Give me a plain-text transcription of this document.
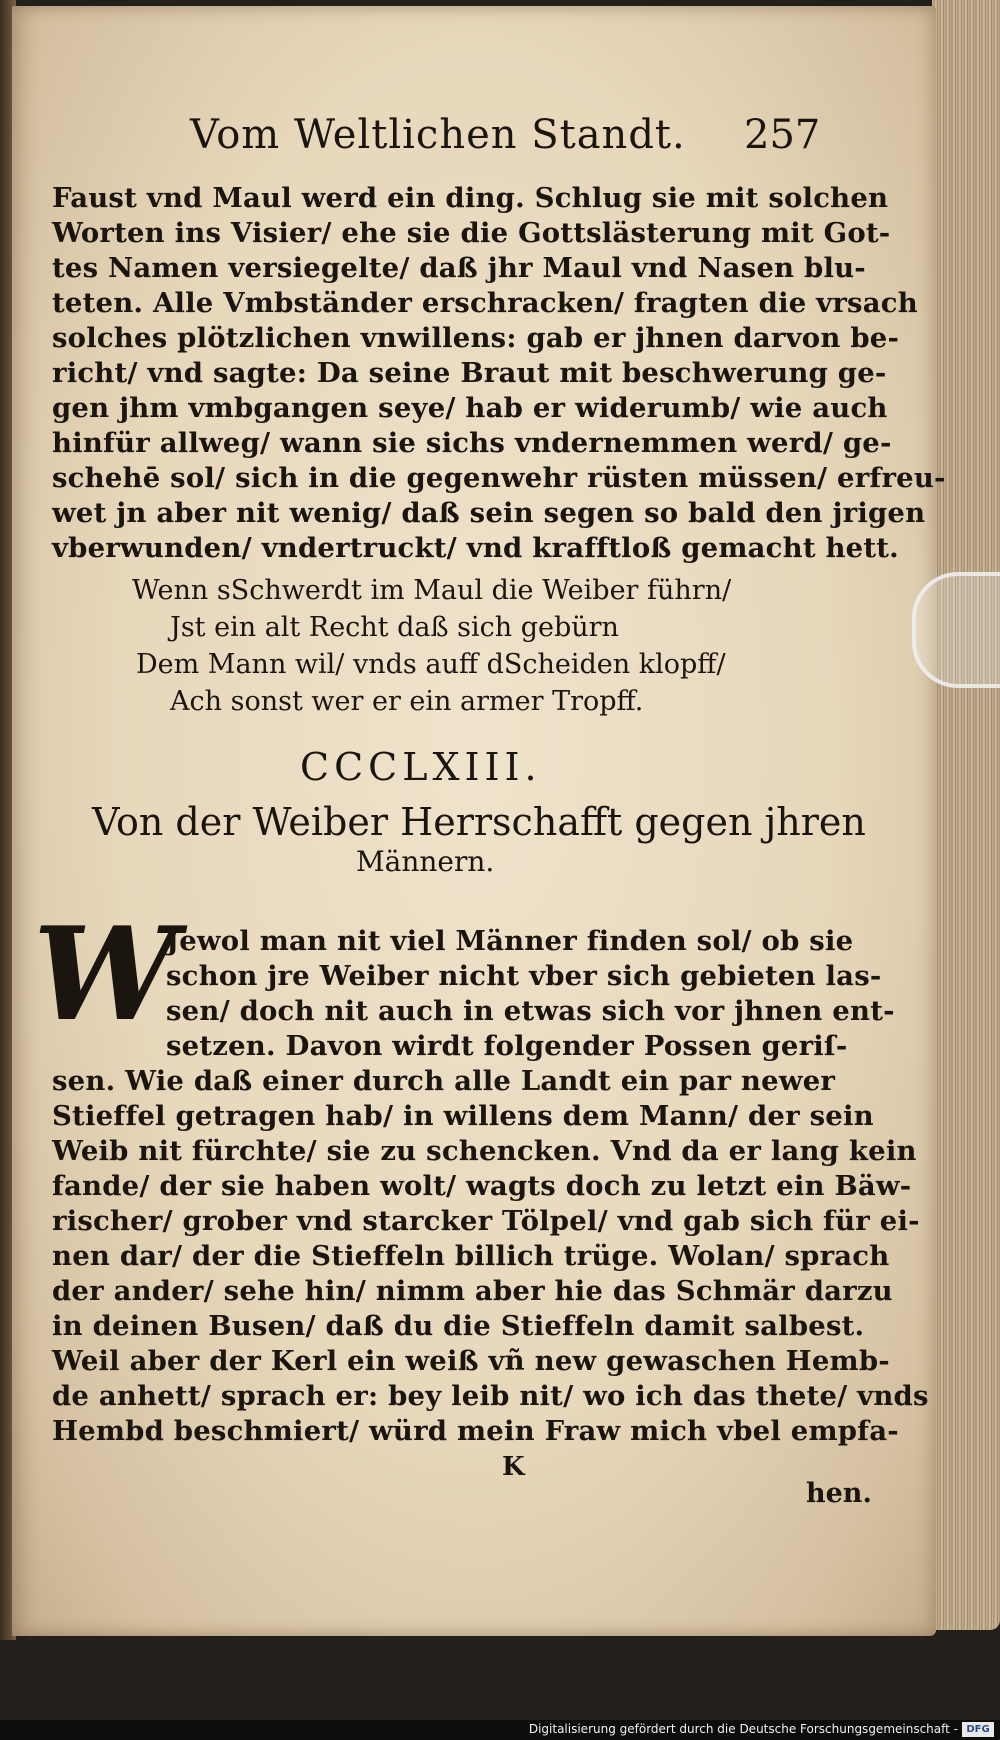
Vom Weltlichen Standt. 257
Faust vnd Maul werd ein ding. Schlug sie mit solchen
Worten ins Visier/ ehe sie die Gottslästerung mit Got-
tes Namen versiegelte/ daß jhr Maul vnd Nasen blu-
teten. Alle Vmbständer erschracken/ fragten die vrsach
solches plötzlichen vnwillens: gab er jhnen darvon be-
richt/ vnd sagte: Da seine Braut mit beschwerung ge-
gen jhm vmbgangen seye/ hab er widerumb/ wie auch
hinfür allweg/ wann sie sichs vndernemmen werd/ ge-
schehē sol/ sich in die gegenwehr rüsten müssen/ erfreu-
wet jn aber nit wenig/ daß sein segen so bald den jrigen
vberwunden/ vndertruckt/ vnd krafftloß gemacht hett.
Wenn sSchwerdt im Maul die Weiber führn/
Jst ein alt Recht daß sich gebürn
Dem Mann wil/ vnds auff dScheiden klopff/
Ach sonst wer er ein armer Tropff.
CCCLXIII.
Von der Weiber Herrschafft gegen jhren
Männern.
W
Jewol man nit viel Männer finden sol/ ob sie
schon jre Weiber nicht vber sich gebieten las-
sen/ doch nit auch in etwas sich vor jhnen ent-
setzen. Davon wirdt folgender Possen geriſ-
sen. Wie daß einer durch alle Landt ein par newer
Stieffel getragen hab/ in willens dem Mann/ der sein
Weib nit fürchte/ sie zu schencken. Vnd da er lang kein
fande/ der sie haben wolt/ wagts doch zu letzt ein Bäw-
rischer/ grober vnd starcker Tölpel/ vnd gab sich für ei-
nen dar/ der die Stieffeln billich trüge. Wolan/ sprach
der ander/ sehe hin/ nimm aber hie das Schmär darzu
in deinen Busen/ daß du die Stieffeln damit salbest.
Weil aber der Kerl ein weiß vñ new gewaschen Hemb-
de anhett/ sprach er: bey leib nit/ wo ich das thete/ vnds
Hembd beschmiert/ würd mein Fraw mich vbel empfa-
K
hen.
Digitalisierung gefördert durch die Deutsche Forschungsgemeinschaft - DFG
